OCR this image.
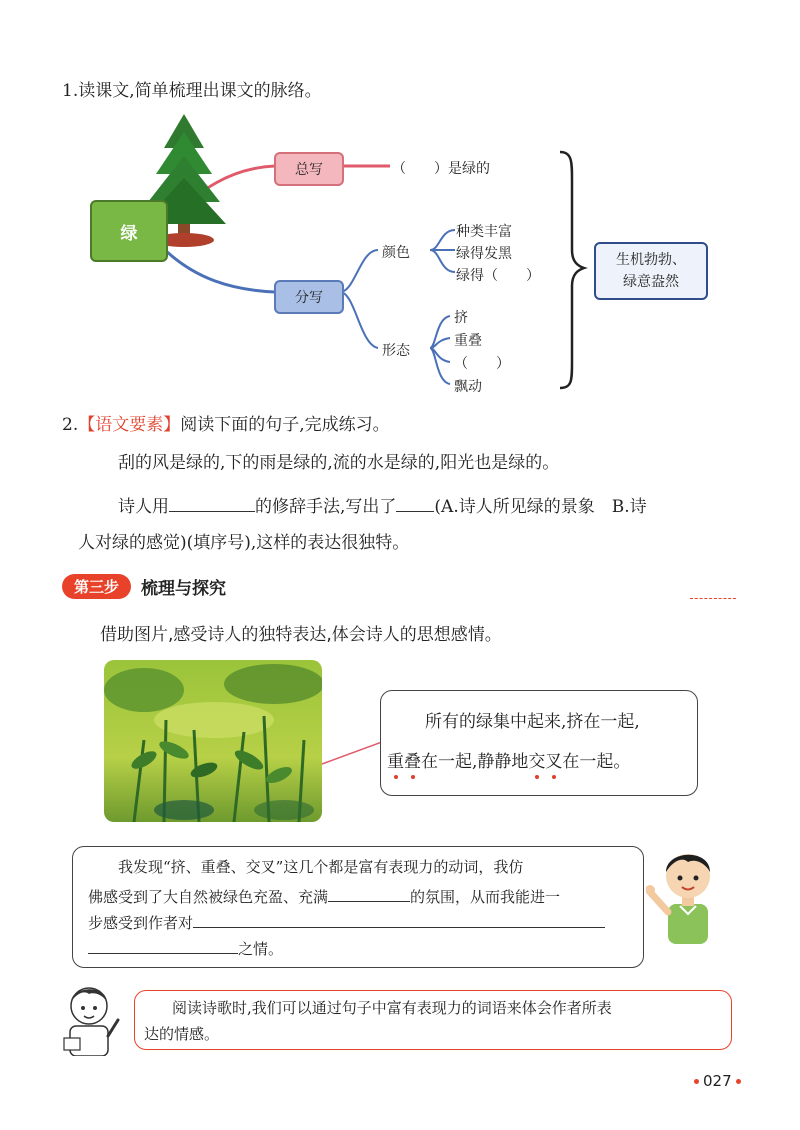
1.读课文,简单梳理出课文的脉络。
绿
总写	（　　）是绿的
分写
颜色
种类丰富
绿得发黑
绿得（　　）
形态
挤
重叠
（　　）
飘动
生机勃勃、
绿意盎然
2.【语文要素】阅读下面的句子,完成练习。
刮的风是绿的,下的雨是绿的,流的水是绿的,阳光也是绿的。
诗人用	的修辞手法,写出了 (A.诗人所见绿的景象　B.诗
人对绿的感觉)(填序号),这样的表达很独特。
第三步	梳理与探究
借助图片,感受诗人的独特表达,体会诗人的思想感情。
所有的绿集中起来,挤在一起,
重叠在一起,静静地交叉在一起。
我发现“挤、重叠、交叉”这几个都是富有表现力的动词，我仿
佛感受到了大自然被绿色充盈、充满	的氛围，从而我能进一
步感受到作者对
之情。
阅读诗歌时,我们可以通过句子中富有表现力的词语来体会作者所表
达的情感。
027
